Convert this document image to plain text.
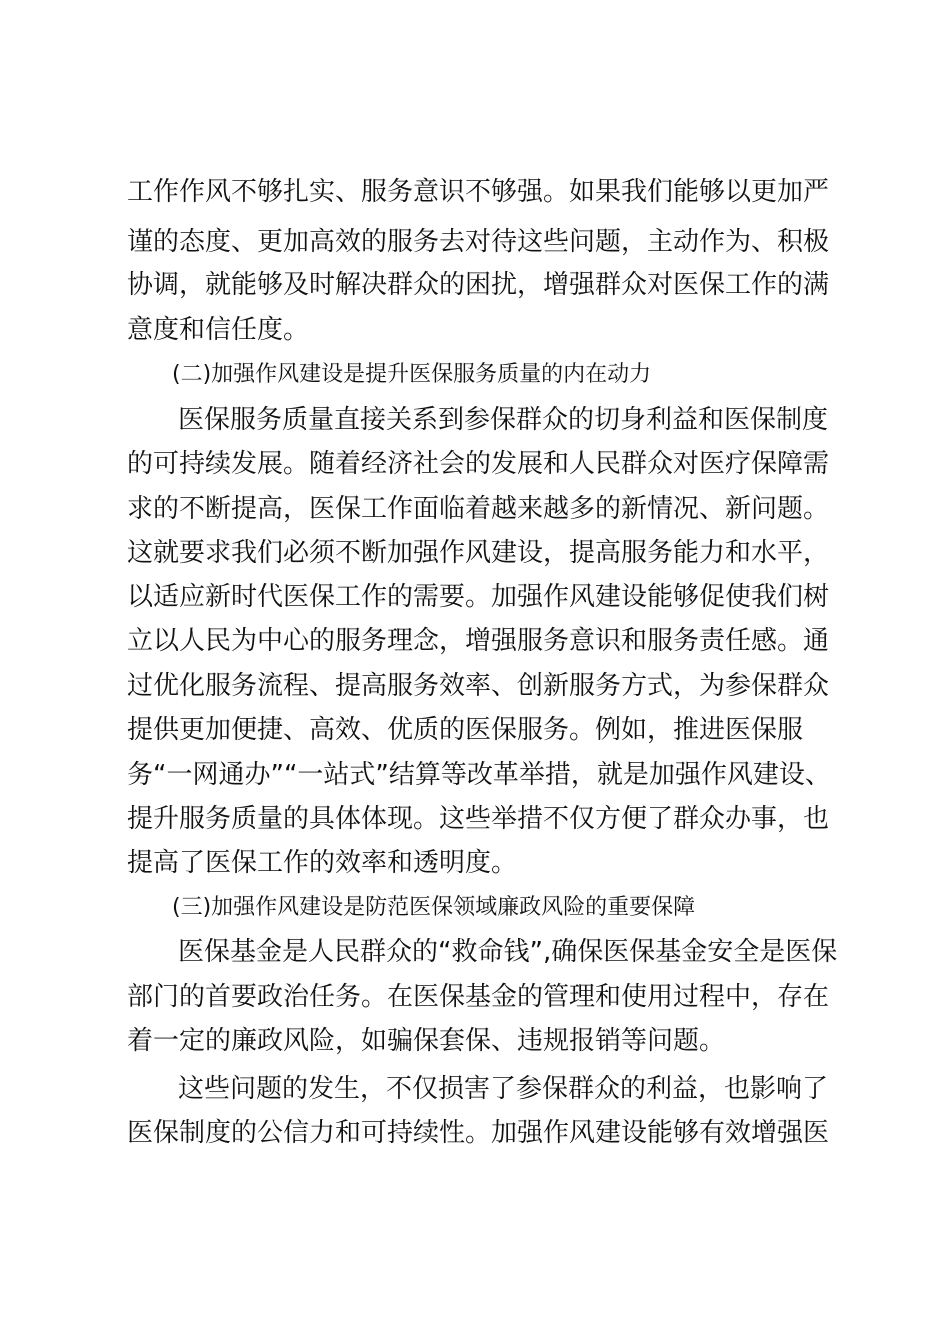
工作作风不够扎实、服务意识不够强。如果我们能够以更加严
谨的态度、更加高效的服务去对待这些问题，主动作为、积极
协调，就能够及时解决群众的困扰，增强群众对医保工作的满
意度和信任度。
(二)加强作风建设是提升医保服务质量的内在动力
医保服务质量直接关系到参保群众的切身利益和医保制度
的可持续发展。随着经济社会的发展和人民群众对医疗保障需
求的不断提高，医保工作面临着越来越多的新情况、新问题。
这就要求我们必须不断加强作风建设，提高服务能力和水平，
以适应新时代医保工作的需要。加强作风建设能够促使我们树
立以人民为中心的服务理念，增强服务意识和服务责任感。通
过优化服务流程、提高服务效率、创新服务方式，为参保群众
提供更加便捷、高效、优质的医保服务。例如，推进医保服
务“一网通办”“一站式”结算等改革举措，就是加强作风建设、
提升服务质量的具体体现。这些举措不仅方便了群众办事，也
提高了医保工作的效率和透明度。
(三)加强作风建设是防范医保领域廉政风险的重要保障
医保基金是人民群众的“救命钱”,确保医保基金安全是医保
部门的首要政治任务。在医保基金的管理和使用过程中，存在
着一定的廉政风险，如骗保套保、违规报销等问题。
这些问题的发生，不仅损害了参保群众的利益，也影响了
医保制度的公信力和可持续性。加强作风建设能够有效增强医
